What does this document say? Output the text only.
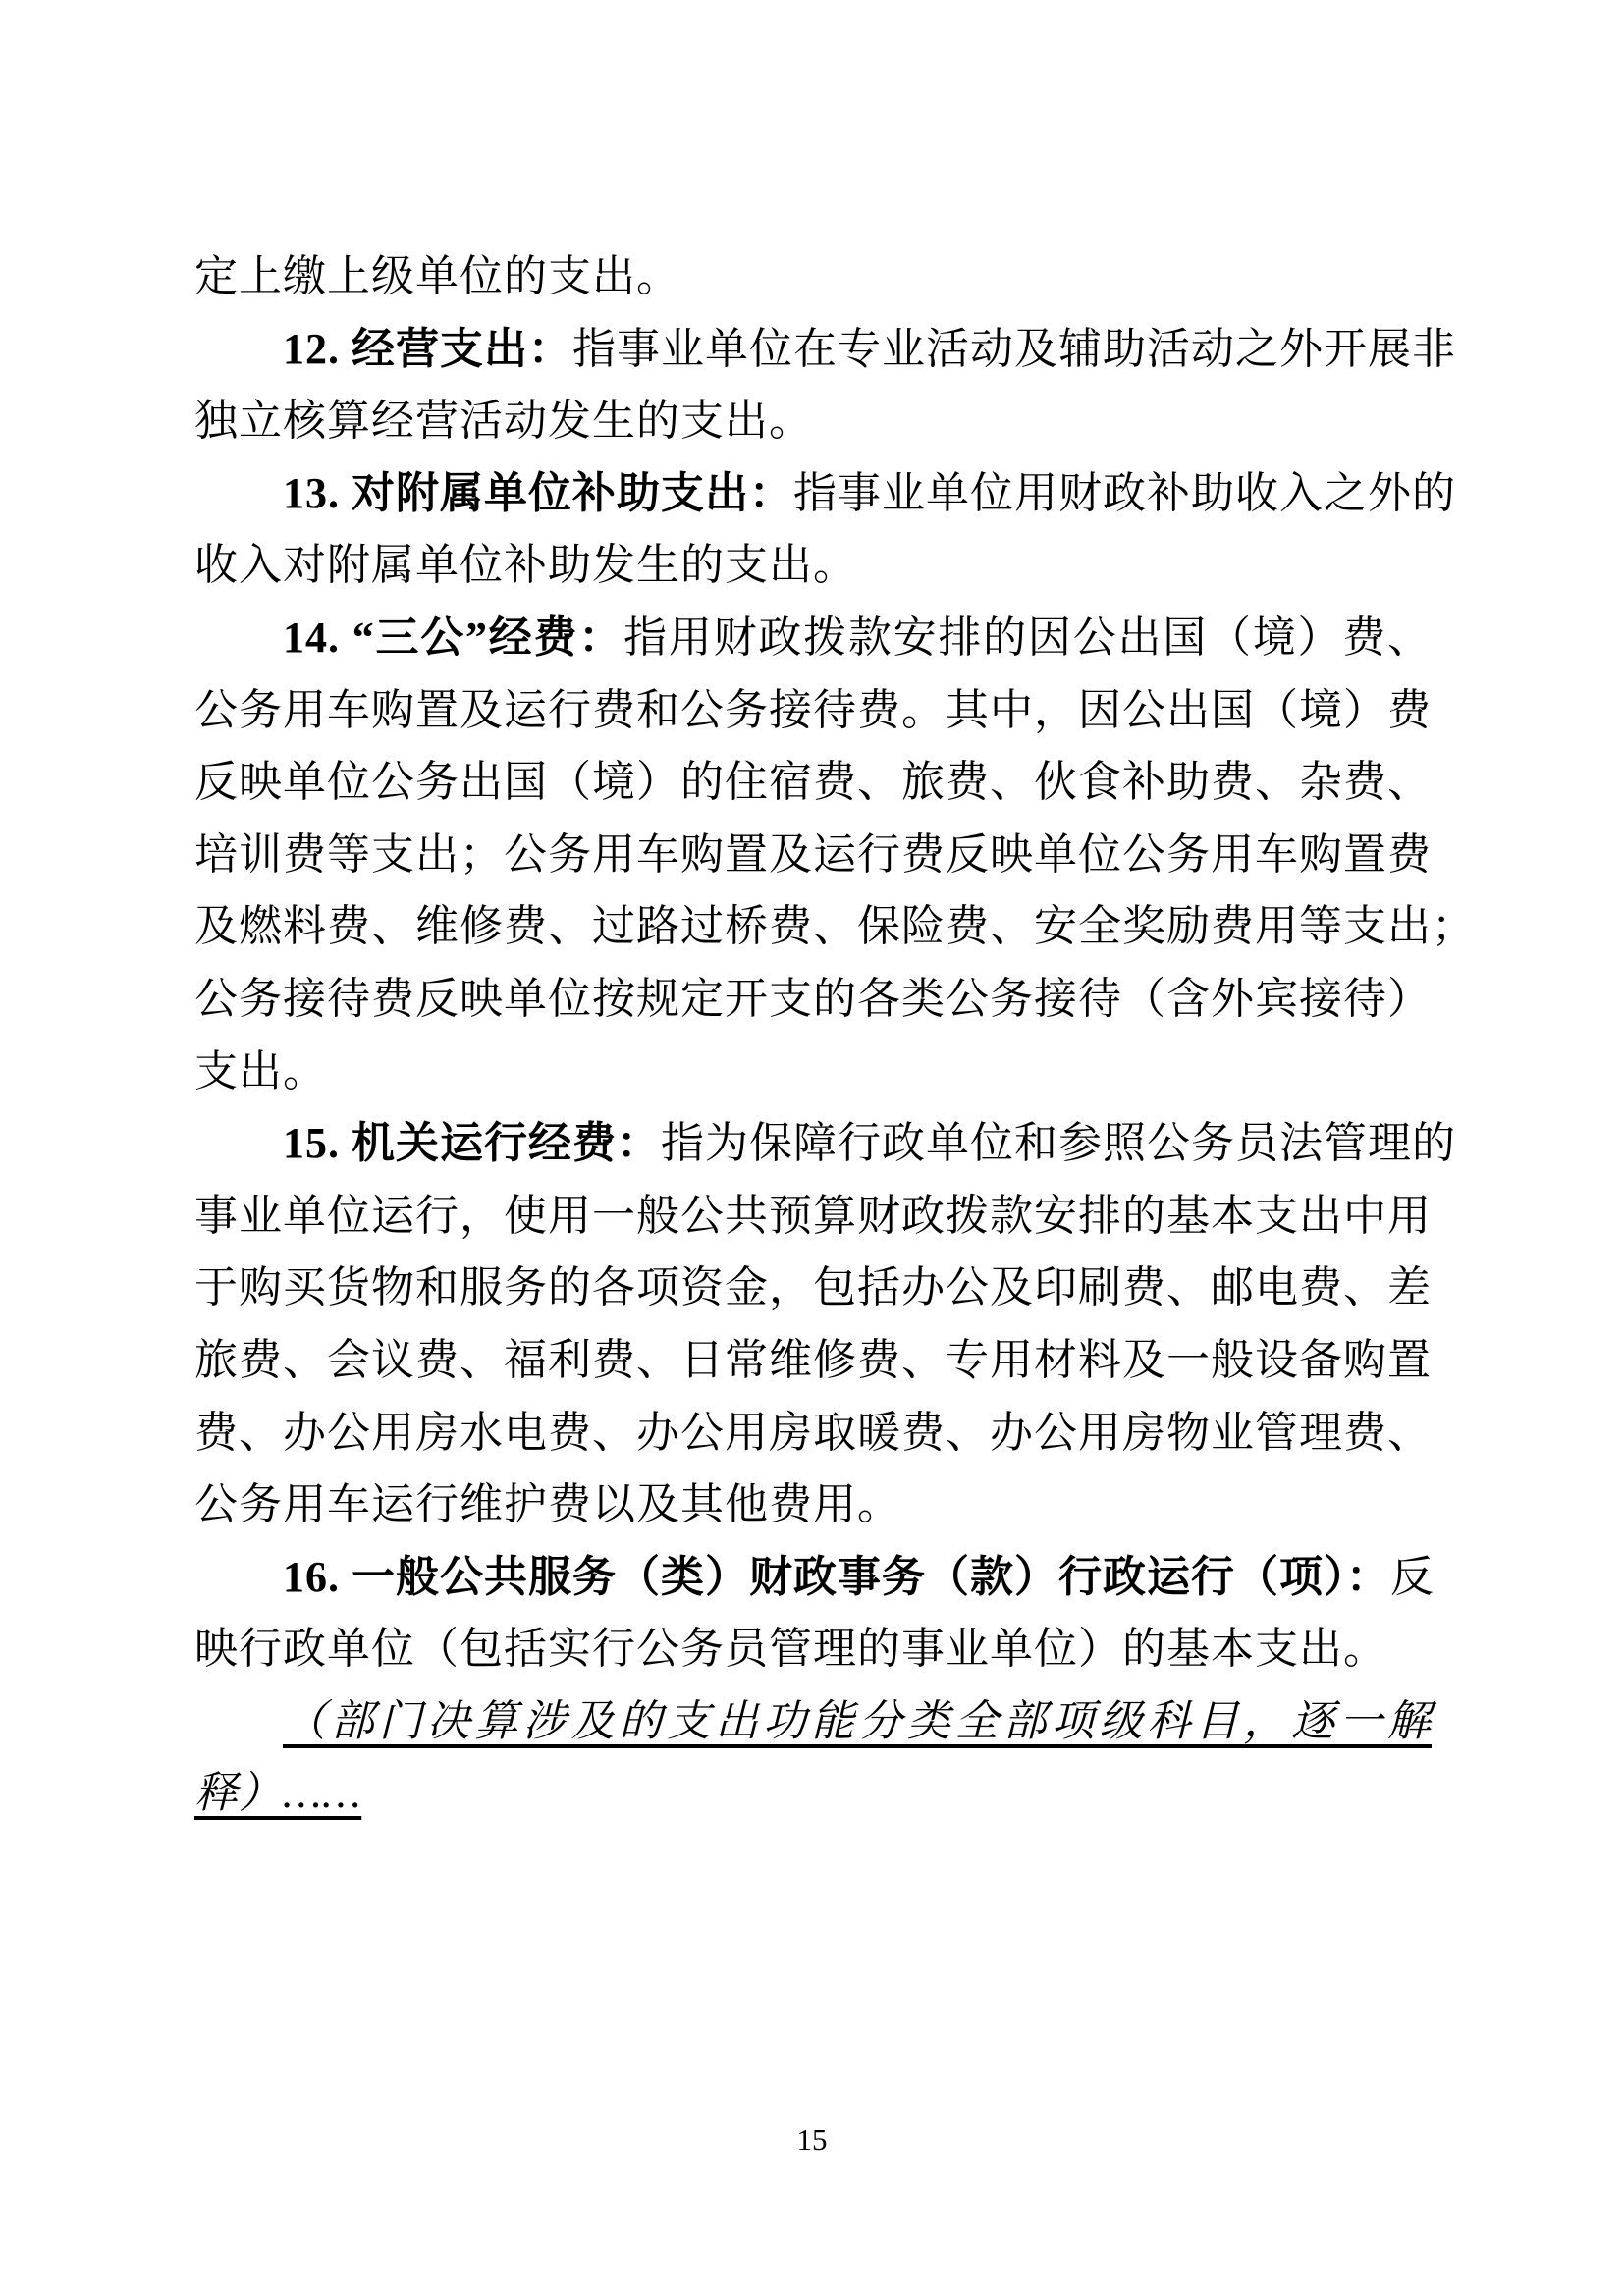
定上缴上级单位的支出。
12. 经营支出：指事业单位在专业活动及辅助活动之外开展非
独立核算经营活动发生的支出。
13. 对附属单位补助支出：指事业单位用财政补助收入之外的
收入对附属单位补助发生的支出。
14. “三公”经费：指用财政拨款安排的因公出国（境）费、
公务用车购置及运行费和公务接待费。其中，因公出国（境）费
反映单位公务出国（境）的住宿费、旅费、伙食补助费、杂费、
培训费等支出；公务用车购置及运行费反映单位公务用车购置费
及燃料费、维修费、过路过桥费、保险费、安全奖励费用等支出；
公务接待费反映单位按规定开支的各类公务接待（含外宾接待）
支出。
15. 机关运行经费：指为保障行政单位和参照公务员法管理的
事业单位运行，使用一般公共预算财政拨款安排的基本支出中用
于购买货物和服务的各项资金，包括办公及印刷费、邮电费、差
旅费、会议费、福利费、日常维修费、专用材料及一般设备购置
费、办公用房水电费、办公用房取暖费、办公用房物业管理费、
公务用车运行维护费以及其他费用。
16. 一般公共服务（类）财政事务（款）行政运行（项）：反
映行政单位（包括实行公务员管理的事业单位）的基本支出。
（部门决算涉及的支出功能分类全部项级科目，逐一解
释）……
15
